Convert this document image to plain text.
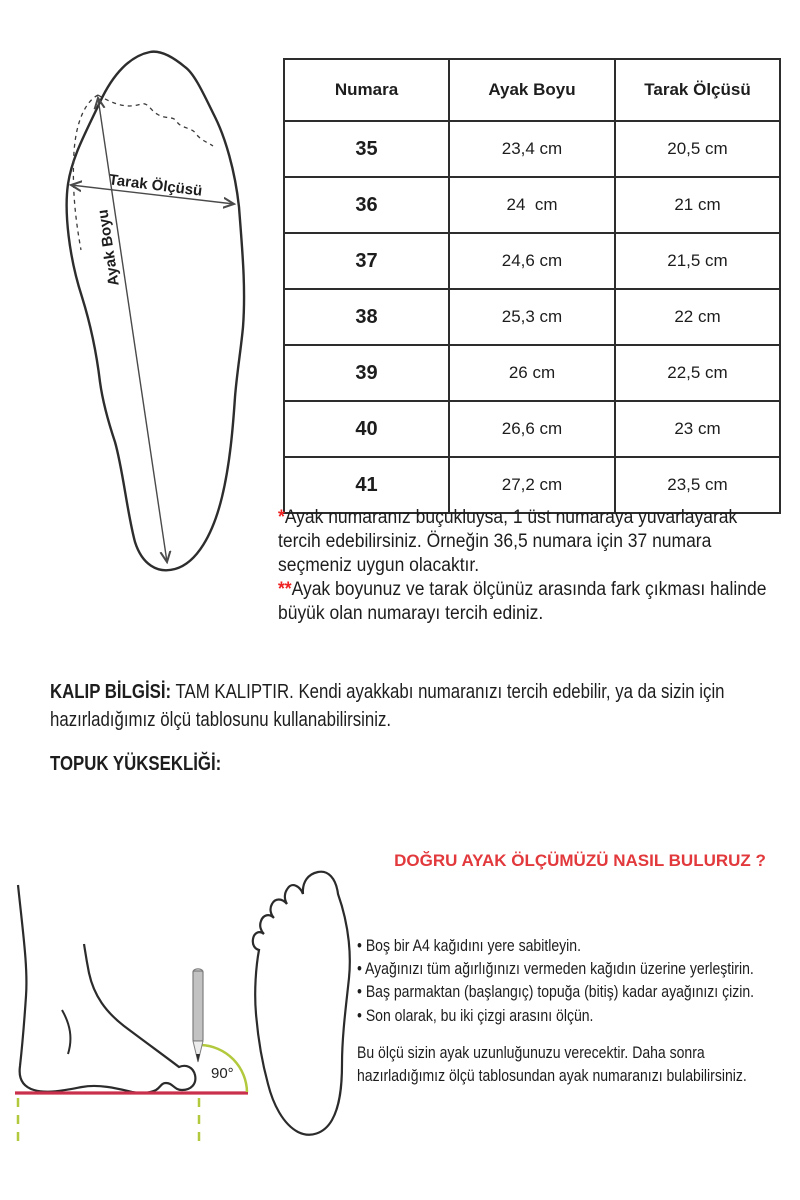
Tarak Ölçüsü
Ayak Boyu
Numara	Ayak Boyu	Tarak Ölçüsü
35	23,4 cm	20,5 cm
36	24  cm	21 cm
37	24,6 cm	21,5 cm
38	25,3 cm	22 cm
39	26 cm	22,5 cm
40	26,6 cm	23 cm
41	27,2 cm	23,5 cm
*Ayak numaranız buçukluysa, 1 üst numaraya yuvarlayarak tercih edebilirsiniz. Örneğin 36,5 numara için 37 numara seçmeniz uygun olacaktır.
**Ayak boyunuz ve tarak ölçünüz arasında fark çıkması halinde büyük olan numarayı tercih ediniz.
KALIP BİLGİSİ: TAM KALIPTIR. Kendi ayakkabı numaranızı tercih edebilir, ya da sizin için hazırladığımız ölçü tablosunu kullanabilirsiniz.
TOPUK YÜKSEKLİĞİ:
DOĞRU AYAK ÖLÇÜMÜZÜ NASIL BULURUZ ?
90°
• Boş bir A4 kağıdını yere sabitleyin.
• Ayağınızı tüm ağırlığınızı vermeden kağıdın üzerine yerleştirin.
• Baş parmaktan (başlangıç) topuğa (bitiş) kadar ayağınızı çizin.
• Son olarak, bu iki çizgi arasını ölçün.
Bu ölçü sizin ayak uzunluğunuzu verecektir. Daha sonra hazırladığımız ölçü tablosundan ayak numaranızı bulabilirsiniz.
